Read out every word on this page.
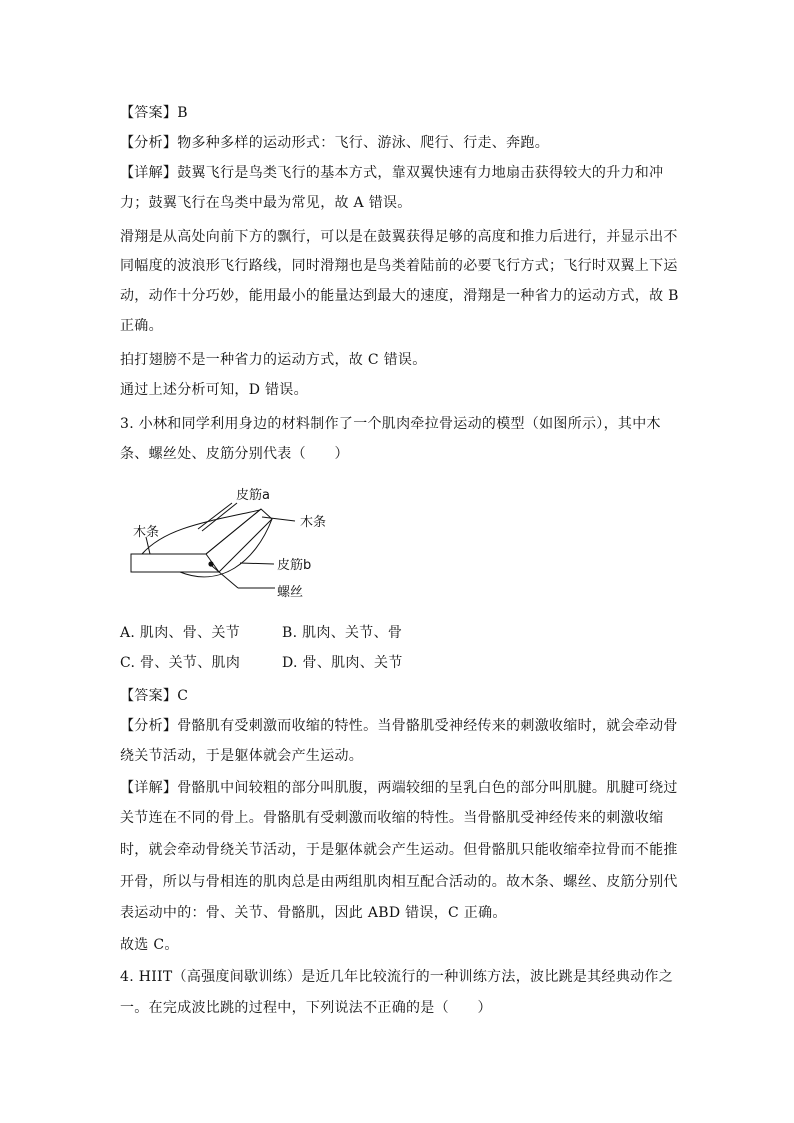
【答案】B
【分析】物多种多样的运动形式：飞行、游泳、爬行、行走、奔跑。
【详解】鼓翼飞行是鸟类飞行的基本方式，靠双翼快速有力地扇击获得较大的升力和冲
力；鼓翼飞行在鸟类中最为常见，故 A 错误。
滑翔是从高处向前下方的飘行，可以是在鼓翼获得足够的高度和推力后进行，并显示出不
同幅度的波浪形飞行路线，同时滑翔也是鸟类着陆前的必要飞行方式；飞行时双翼上下运
动，动作十分巧妙，能用最小的能量达到最大的速度，滑翔是一种省力的运动方式，故 B
正确。
拍打翅膀不是一种省力的运动方式，故 C 错误。
通过上述分析可知，D 错误。
3. 小林和同学利用身边的材料制作了一个肌肉牵拉骨运动的模型（如图所示），其中木
条、螺丝处、皮筋分别代表（　　）
皮筋a
木条
木条
皮筋b
螺丝
A. 肌肉、骨、关节	B. 肌肉、关节、骨
C. 骨、关节、肌肉	D. 骨、肌肉、关节
【答案】C
【分析】骨骼肌有受刺激而收缩的特性。当骨骼肌受神经传来的刺激收缩时，就会牵动骨
绕关节活动，于是躯体就会产生运动。
【详解】骨骼肌中间较粗的部分叫肌腹，两端较细的呈乳白色的部分叫肌腱。肌腱可绕过
关节连在不同的骨上。骨骼肌有受刺激而收缩的特性。当骨骼肌受神经传来的刺激收缩
时，就会牵动骨绕关节活动，于是躯体就会产生运动。但骨骼肌只能收缩牵拉骨而不能推
开骨，所以与骨相连的肌肉总是由两组肌肉相互配合活动的。故木条、螺丝、皮筋分别代
表运动中的：骨、关节、骨骼肌，因此 ABD 错误，C 正确。
故选 C。
4. HIIT（高强度间歇训练）是近几年比较流行的一种训练方法，波比跳是其经典动作之
一。在完成波比跳的过程中，下列说法不正确的是（　　）
